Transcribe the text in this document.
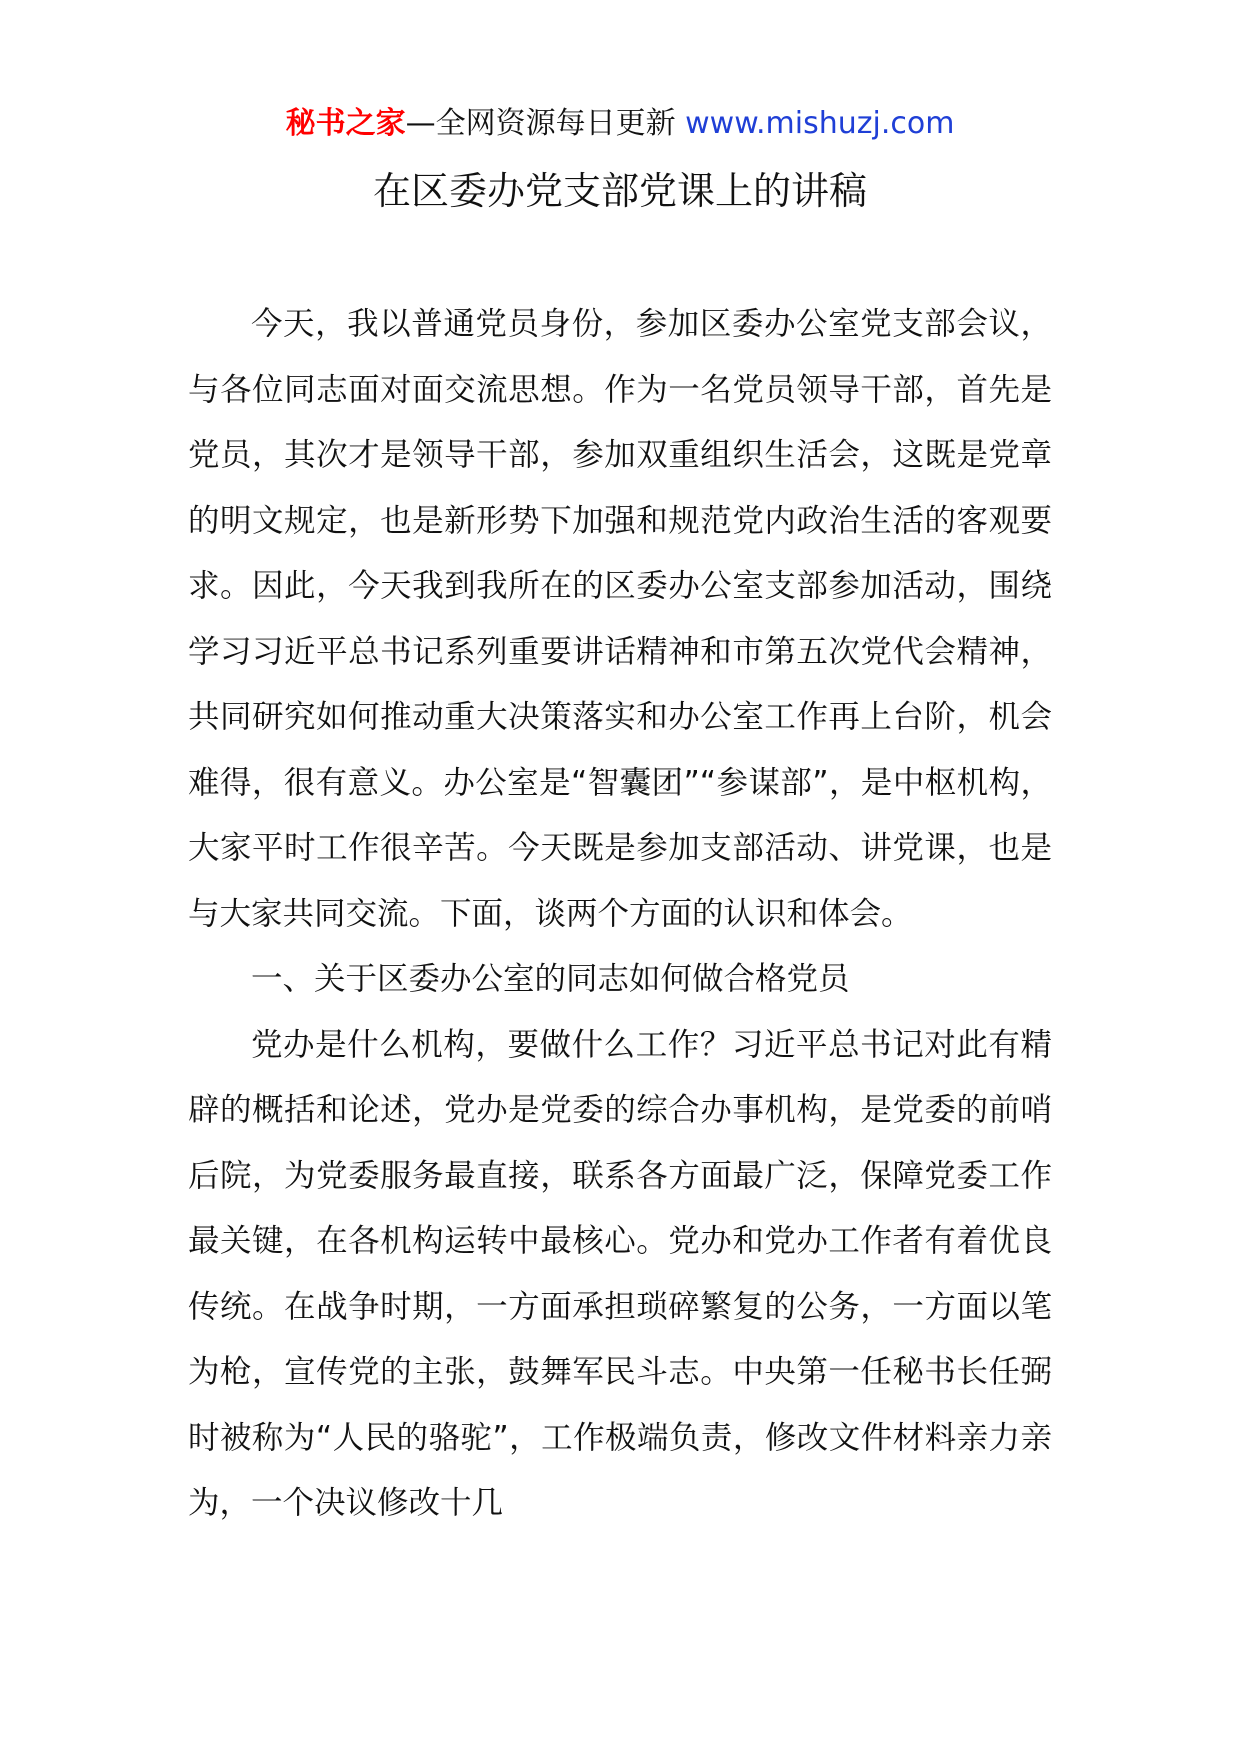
秘书之家—全网资源每日更新 www.mishuzj.com
在区委办党支部党课上的讲稿

今天，我以普通党员身份，参加区委办公室党支部会议，与各位同志面对面交流思想。作为一名党员领导干部，首先是党员，其次才是领导干部，参加双重组织生活会，这既是党章的明文规定，也是新形势下加强和规范党内政治生活的客观要求。因此，今天我到我所在的区委办公室支部参加活动，围绕学习习近平总书记系列重要讲话精神和市第五次党代会精神，共同研究如何推动重大决策落实和办公室工作再上台阶，机会难得，很有意义。办公室是“智囊团”“参谋部”，是中枢机构，大家平时工作很辛苦。今天既是参加支部活动、讲党课，也是与大家共同交流。下面，谈两个方面的认识和体会。

一、关于区委办公室的同志如何做合格党员

党办是什么机构，要做什么工作？习近平总书记对此有精辟的概括和论述，党办是党委的综合办事机构，是党委的前哨后院，为党委服务最直接，联系各方面最广泛，保障党委工作最关键，在各机构运转中最核心。党办和党办工作者有着优良传统。在战争时期，一方面承担琐碎繁复的公务，一方面以笔为枪，宣传党的主张，鼓舞军民斗志。中央第一任秘书长任弼时被称为“人民的骆驼”，工作极端负责，修改文件材料亲力亲为，一个决议修改十几
